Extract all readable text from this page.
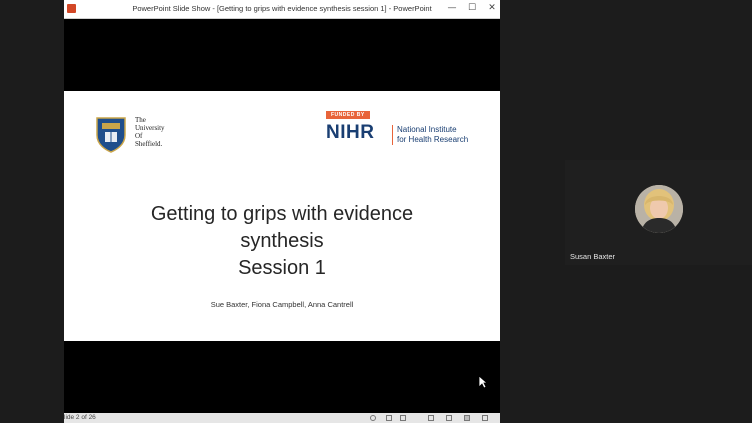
PowerPoint Slide Show - [Getting to grips with evidence synthesis session 1] - PowerPoint	—	☐	✕
The
University
Of
Sheffield.
FUNDED BY
NIHR	National Institute
for Health Research
Getting to grips with evidence
synthesis
Session 1
Sue Baxter, Fiona Campbell, Anna Cantrell
lide 2 of 26
Susan Baxter
